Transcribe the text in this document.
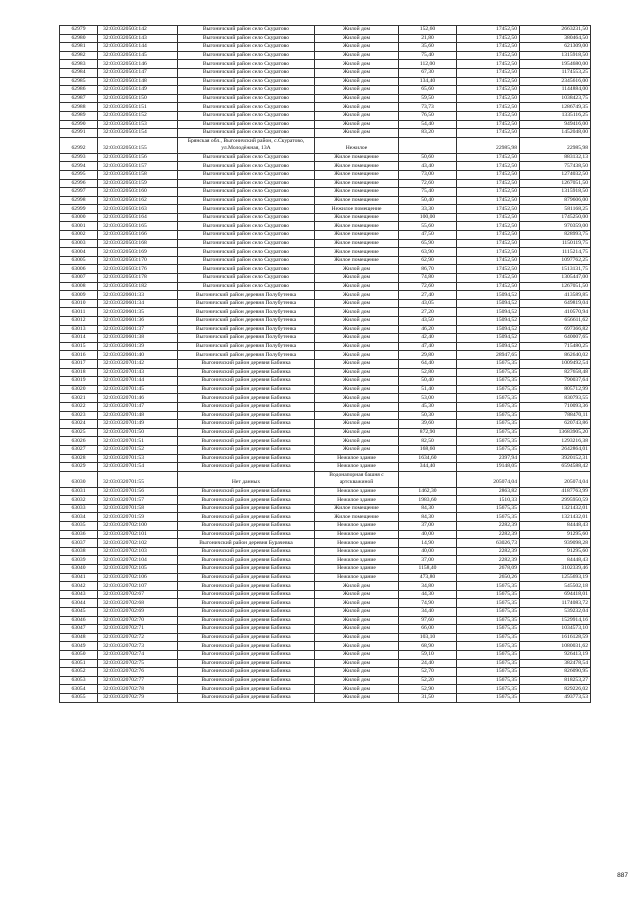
62979	32:03:0320503:142	Выгоничский район село Скуратово	Жилой дом	152,60	17452,50	2663231,50
62980	32:03:0320503:143	Выгоничский район село Скуратово	Жилой дом	21,80	17452,50	380464,50
62981	32:03:0320503:144	Выгоничский район село Скуратово	Жилой дом	35,60	17452,50	621309,00
62982	32:03:0320503:145	Выгоничский район село Скуратово	Жилой дом	75,40	17452,50	1315918,50
62983	32:03:0320503:146	Выгоничский район село Скуратово	Жилой дом	112,00	17452,50	1954680,00
62984	32:03:0320503:147	Выгоничский район село Скуратово	Жилой дом	67,30	17452,50	1174553,25
62985	32:03:0320503:148	Выгоничский район село Скуратово	Жилой дом	134,40	17452,50	2345616,00
62986	32:03:0320503:149	Выгоничский район село Скуратово	Жилой дом	65,60	17452,50	1144884,00
62987	32:03:0320503:150	Выгоничский район село Скуратово	Жилой дом	59,50	17452,50	1038423,75
62988	32:03:0320503:151	Выгоничский район село Скуратово	Жилой дом	73,73	17452,50	1286749,35
62989	32:03:0320503:152	Выгоничский район село Скуратово	Жилой дом	76,50	17452,50	1335116,25
62990	32:03:0320503:153	Выгоничский район село Скуратово	Жилой дом	54,40	17452,50	949416,00
62991	32:03:0320503:154	Выгоничский район село Скуратово	Жилой дом	83,20	17452,50	1452048,00
62992	32:03:0320503:155	Брянская обл., Выгоничский район, с.Скуратово, ул.Молодёжная, 13А	Нежилое		22985,98	22985,98
62993	32:03:0320503:156	Выгоничский район село Скуратово	Жилое помещение	50,60	17452,50	883132,13
62994	32:03:0320503:157	Выгоничский район село Скуратово	Жилое помещение	43,40	17452,50	757438,50
62995	32:03:0320503:158	Выгоничский район село Скуратово	Жилое помещение	73,00	17452,50	1274032,50
62996	32:03:0320503:159	Выгоничский район село Скуратово	Жилое помещение	72,60	17452,50	1267051,50
62997	32:03:0320503:160	Выгоничский район село Скуратово	Жилое помещение	75,40	17452,50	1315918,50
62998	32:03:0320503:162	Выгоничский район село Скуратово	Жилое помещение	50,40	17452,50	879606,00
62999	32:03:0320503:163	Выгоничский район село Скуратово	Нежилое помещение	33,30	17452,50	581168,25
63000	32:03:0320503:164	Выгоничский район село Скуратово	Жилое помещение	100,00	17452,50	1745250,00
63001	32:03:0320503:165	Выгоничский район село Скуратово	Жилое помещение	55,60	17452,50	970359,00
63002	32:03:0320503:166	Выгоничский район село Скуратово	Жилое помещение	47,50	17452,50	828993,75
63003	32:03:0320503:168	Выгоничский район село Скуратово	Жилое помещение	65,90	17452,50	1150119,75
63004	32:03:0320503:169	Выгоничский район село Скуратово	Жилое помещение	63,90	17452,50	1115214,75
63005	32:03:0320503:170	Выгоничский район село Скуратово	Жилое помещение	62,90	17452,50	1097762,25
63006	32:03:0320503:176	Выгоничский район село Скуратово	Жилой дом	86,70	17452,50	1513131,75
63007	32:03:0320503:178	Выгоничский район село Скуратово	Жилой дом	74,80	17452,50	1305447,00
63008	32:03:0320503:182	Выгоничский район село Скуратово	Жилой дом	72,60	17452,50	1267051,50
63009	32:03:0320601:33	Выгоничский район деревня Полубутенка	Жилой дом	27,40	15094,52	413589,85
63010	32:03:0320601:34	Выгоничский район деревня Полубутенка	Жилой дом	43,05	15094,52	649819,04
63011	32:03:0320601:35	Выгоничский район деревня Полубутенка	Жилой дом	27,20	15094,52	410570,94
63012	32:03:0320601:36	Выгоничский район деревня Полубутенка	Жилой дом	43,50	15094,52	656611,62
63013	32:03:0320601:37	Выгоничский район деревня Полубутенка	Жилой дом	46,20	15094,52	697366,82
63014	32:03:0320601:38	Выгоничский район деревня Полубутенка	Жилой дом	42,40	15094,52	640007,65
63015	32:03:0320601:39	Выгоничский район деревня Полубутенка	Жилой дом	47,40	15094,52	715480,25
63016	32:03:0320601:40	Выгоничский район деревня Полубутенка	Жилой дом	29,80	28947,65	862640,02
63017	32:03:0320701:42	Выгоничский район деревня Бабинка	Жилой дом	64,40	15675,35	1009492,54
63018	32:03:0320701:43	Выгоничский район деревня Бабинка	Жилой дом	52,80	15675,35	827658,48
63019	32:03:0320701:44	Выгоничский район деревня Бабинка	Жилой дом	50,40	15675,35	790037,64
63020	32:03:0320701:45	Выгоничский район деревня Бабинка	Жилой дом	51,40	15675,35	805712,99
63021	32:03:0320701:46	Выгоничский район деревня Бабинка	Жилой дом	53,00	15675,35	830793,55
63022	32:03:0320701:47	Выгоничский район деревня Бабинка	Жилой дом	45,30	15675,35	710093,36
63023	32:03:0320701:48	Выгоничский район деревня Бабинка	Жилой дом	50,30	15675,35	788470,11
63024	32:03:0320701:49	Выгоничский район деревня Бабинка	Жилой дом	39,60	15675,35	620743,86
63025	32:03:0320701:50	Выгоничский район деревня Бабинка	Жилой дом	872,90	15675,35	13683905,20
63026	32:03:0320701:51	Выгоничский район деревня Бабинка	Жилой дом	82,50	15675,35	1293216,38
63027	32:03:0320701:52	Выгоничский район деревня Бабинка	Жилой дом	168,60	15675,35	2642864,01
63028	32:03:0320701:53	Выгоничский район деревня Бабинка	Нежилое здание	1634,60	2397,94	3920152,31
63029	32:03:0320701:54	Выгоничский район деревня Бабинка	Нежилое здание	344,40	19148,05	6594588,42
63030	32:03:0320701:55	Нет данных	Водонапорная башня с артскважиной		205074,04	205074,04
63031	32:03:0320701:56	Выгоничский район деревня Бабинка	Нежилое здание	1462,30	2863,82	4187763,99
63032	32:03:0320701:57	Выгоничский район деревня Бабинка	Нежилое здание	1983,60	1510,33	2995950,59
63033	32:03:0320701:58	Выгоничский район деревня Бабинка	Жилое помещение	84,30	15675,35	1321432,01
63034	32:03:0320701:59	Выгоничский район деревня Бабинка	Жилое помещение	84,30	15675,35	1321432,01
63035	32:03:0320702:100	Выгоничский район деревня Бабинка	Нежилое здание	37,00	2282,39	84448,43
63036	32:03:0320702:101	Выгоничский район деревня Бабинка	Нежилое здание	40,00	2282,39	91295,60
63037	32:03:0320702:102	Выгоничский район деревня Бурачевка	Нежилое здание	14,90	63026,73	939098,28
63038	32:03:0320702:103	Выгоничский район деревня Бабинка	Нежилое здание	40,00	2282,39	91295,60
63039	32:03:0320702:104	Выгоничский район деревня Бабинка	Нежилое здание	37,00	2282,39	84448,43
63040	32:03:0320702:105	Выгоничский район деревня Бабинка	Нежилое здание	1158,40	2678,09	3102339,46
63041	32:03:0320702:106	Выгоничский район деревня Бабинка	Нежилое здание	473,80	2650,26	1255693,19
63042	32:03:0320702:107	Выгоничский район деревня Бабинка	Жилой дом	34,80	15675,35	545502,18
63043	32:03:0320702:67	Выгоничский район деревня Бабинка	Жилой дом	44,30	15675,35	694418,01
63044	32:03:0320702:68	Выгоничский район деревня Бабинка	Жилой дом	74,90	15675,35	1174083,72
63045	32:03:0320702:69	Выгоничский район деревня Бабинка	Жилой дом	34,40	15675,35	539232,04
63046	32:03:0320702:70	Выгоничский район деревня Бабинка	Жилой дом	97,60	15675,35	1529914,16
63047	32:03:0320702:71	Выгоничский район деревня Бабинка	Жилой дом	66,00	15675,35	1034573,10
63048	32:03:0320702:72	Выгоничский район деревня Бабинка	Жилой дом	103,10	15675,35	1616128,59
63049	32:03:0320702:73	Выгоничский район деревня Бабинка	Жилой дом	68,90	15675,35	1080031,62
63050	32:03:0320702:74	Выгоничский район деревня Бабинка	Жилой дом	59,10	15675,35	926413,19
63051	32:03:0320702:75	Выгоничский район деревня Бабинка	Жилой дом	24,40	15675,35	382478,54
63052	32:03:0320702:76	Выгоничский район деревня Бабинка	Жилой дом	52,70	15675,35	826090,95
63053	32:03:0320702:77	Выгоничский район деревня Бабинка	Жилой дом	52,20	15675,35	818253,27
63054	32:03:0320702:78	Выгоничский район деревня Бабинка	Жилой дом	52,90	15675,35	829226,02
63055	32:03:0320702:79	Выгоничский район деревня Бабинка	Жилой дом	31,50	15675,35	493773,53
887
